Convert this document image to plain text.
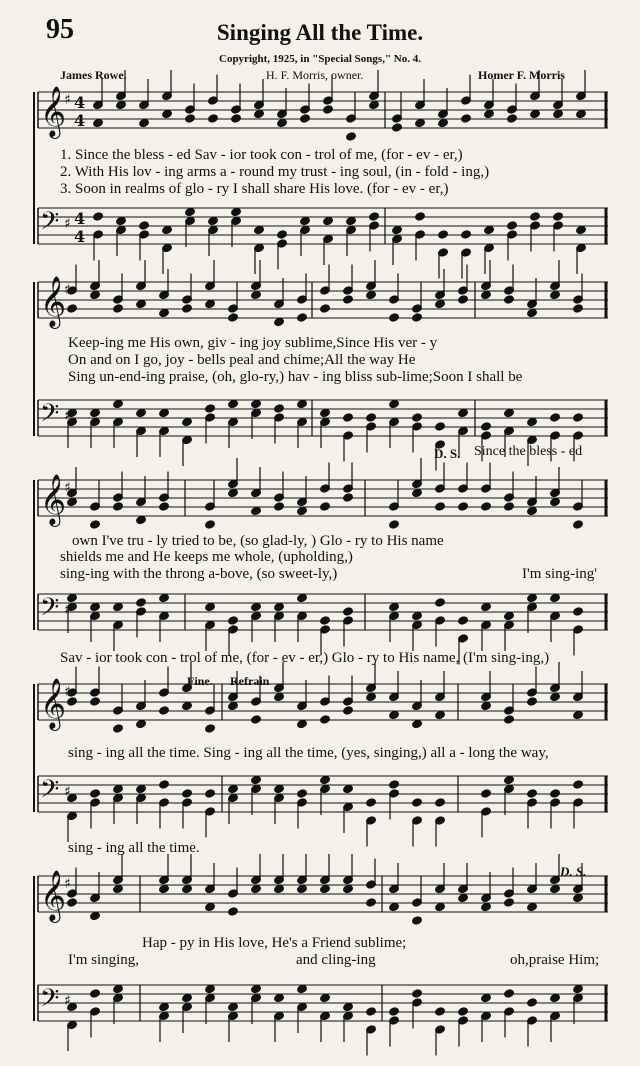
95	Singing All the Time.
Copyright, 1925, in "Special Songs," No. 4.
James Rowe.	H. F. Morris, owner.	Homer F. Morris
𝄞
♯
𝄢 ♯
4
4
4
4
𝄞
♯
𝄢 ♯
𝄞
♯
𝄢 ♯
𝄞
♯
𝄢 ♯
𝄞
♯
𝄢 ♯
1. Since the bless - ed Sav - ior took con - trol of me, (for - ev - er,)
2. With His lov - ing arms a - round my trust - ing soul, (in - fold - ing,)
3. Soon in realms of glo - ry I shall share His love. (for - ev - er,)
Keep-ing me His own, giv - ing joy sublime,Since His ver - y
On and on I go, joy - bells peal and chime;All the way He
Sing un-end-ing praise, (oh, glo-ry,) hav - ing bliss sub-lime;Soon I shall be
D. S. Since the bless - ed
own I've tru - ly tried to be, (so glad-ly, ) Glo - ry to His name
shields me and He keeps me whole, (upholding,)
sing-ing with the throng a-bove, (so sweet-ly,)	I'm sing-ing'
Sav - ior took con - trol of me, (for - ev - er,) Glo - ry to His name, (I'm sing-ing,)
Fine. Refrain
sing - ing all the time. Sing - ing all the time, (yes, singing,) all a - long the way,
sing - ing all the time.
D. S.
Hap - py in His love, He's a Friend sublime;
I'm singing,	and cling-ing	oh,praise Him;
